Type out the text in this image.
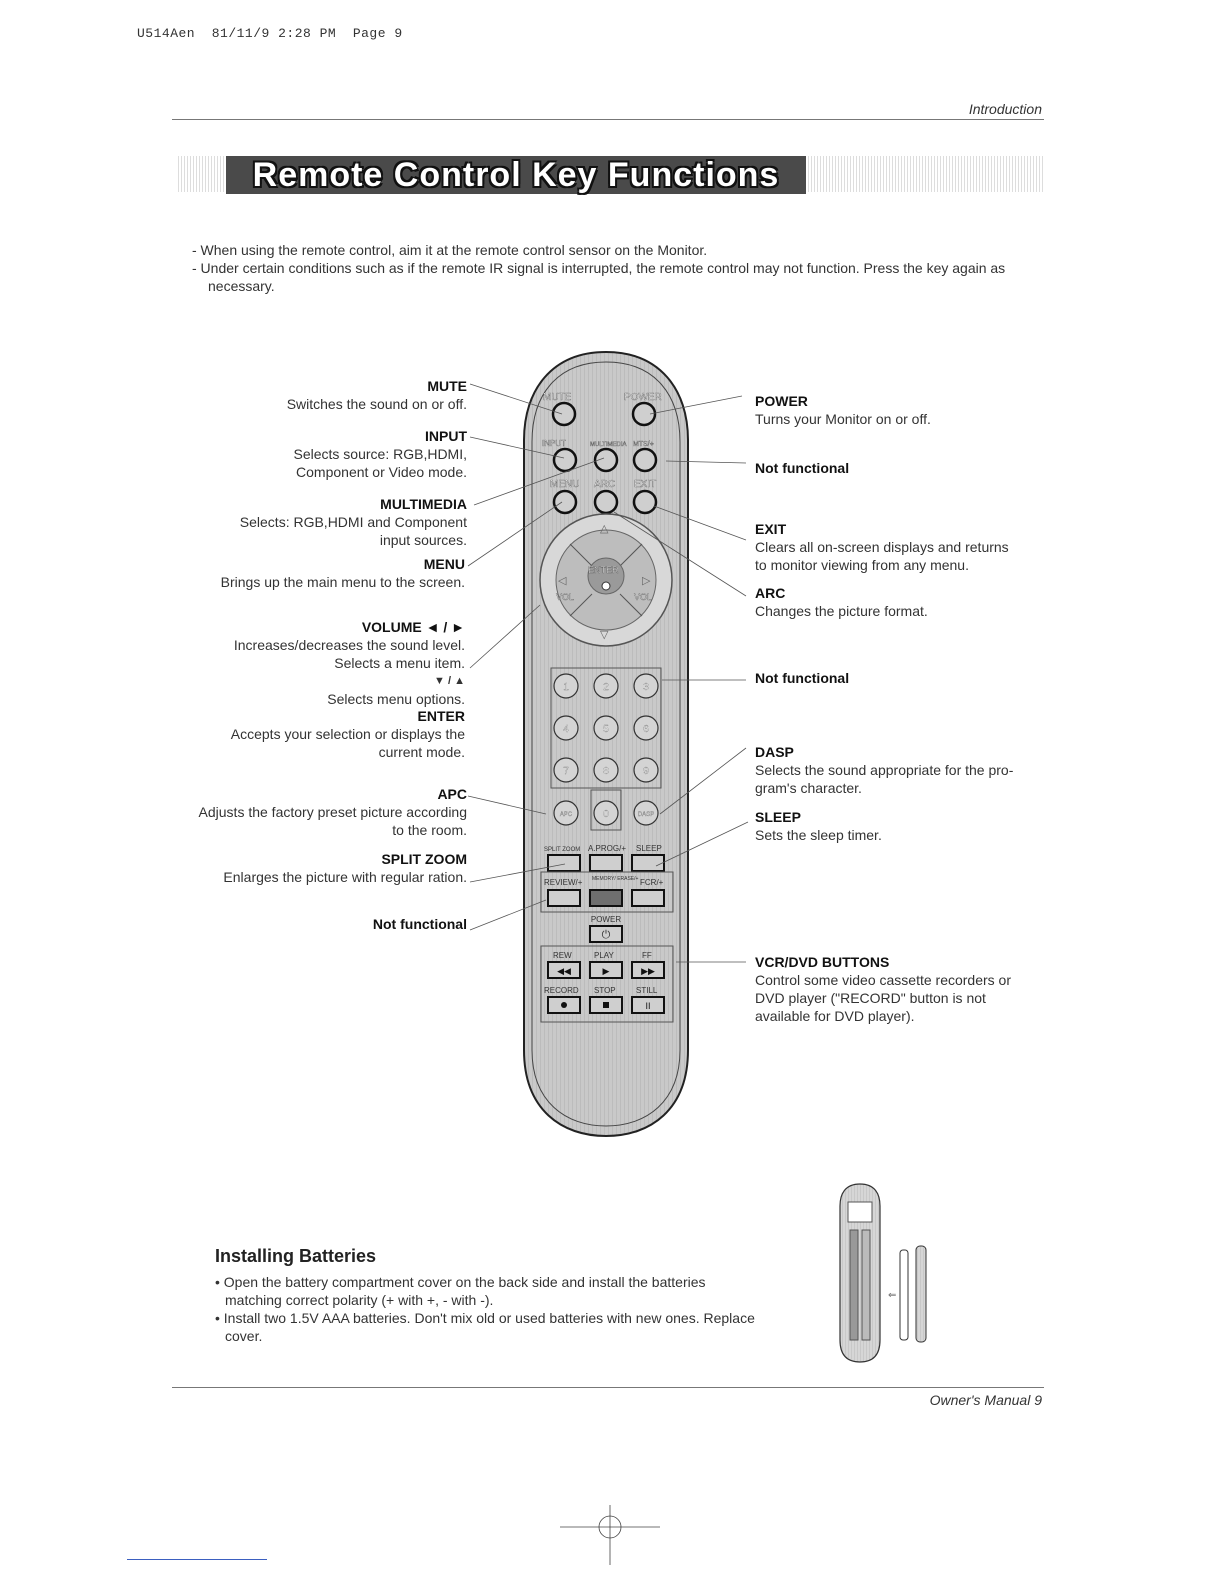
U514Aen  81/11/9 2:28 PM  Page 9
Introduction
Remote Control Key Functions
- When using the remote control, aim it at the remote control sensor on the Monitor.
- Under certain conditions such as if the remote IR signal is interrupted, the remote control may not function. Press the key again as necessary.
MUTE
Switches the sound on or off.
INPUT
Selects source: RGB,HDMI,
Component or Video mode.
MULTIMEDIA
Selects: RGB,HDMI and Component
input sources.
MENU
Brings up the main menu to the screen.
VOLUME ◄ / ►
Increases/decreases the sound level.
Selects a menu item.
▼ / ▲
Selects menu options.
ENTER
Accepts your selection or displays the
current mode.
APC
Adjusts the factory preset picture according
to the room.
SPLIT ZOOM
Enlarges the picture with regular ration.
Not functional
POWER
Turns your Monitor on or off.
Not functional
EXIT
Clears all on-screen displays and returns
to monitor viewing from any menu.
ARC
Changes the picture format.
Not functional
DASP
Selects the sound appropriate for the pro-
gram's character.
SLEEP
Sets the sleep timer.
VCR/DVD BUTTONS
Control some video cassette recorders or
DVD player ("RECORD" button is not
available for DVD player).
MUTE	POWER
INPUT	MULTIMEDIA MTS/+
MENU ARC EXIT
△
▽
◁	▷
VOL	VOL
ENTER
1	2	3
4	5	6
7	8	9
APC	0	DASP
SPLIT ZOOM A.PROG/+ SLEEP
REVIEW/+ MEMORY/ ERASE/+ FCR/+
POWER
⏻
REW	PLAY	FF
◀◀	▶	▶▶
RECORD STOP	STILL
II
Installing Batteries
• Open the battery compartment cover on the back side and install the batteries matching correct polarity (+ with +, - with -).
• Install two 1.5V AAA batteries. Don't mix old or used batteries with new ones. Replace cover.
⇐
Owner's Manual 9
